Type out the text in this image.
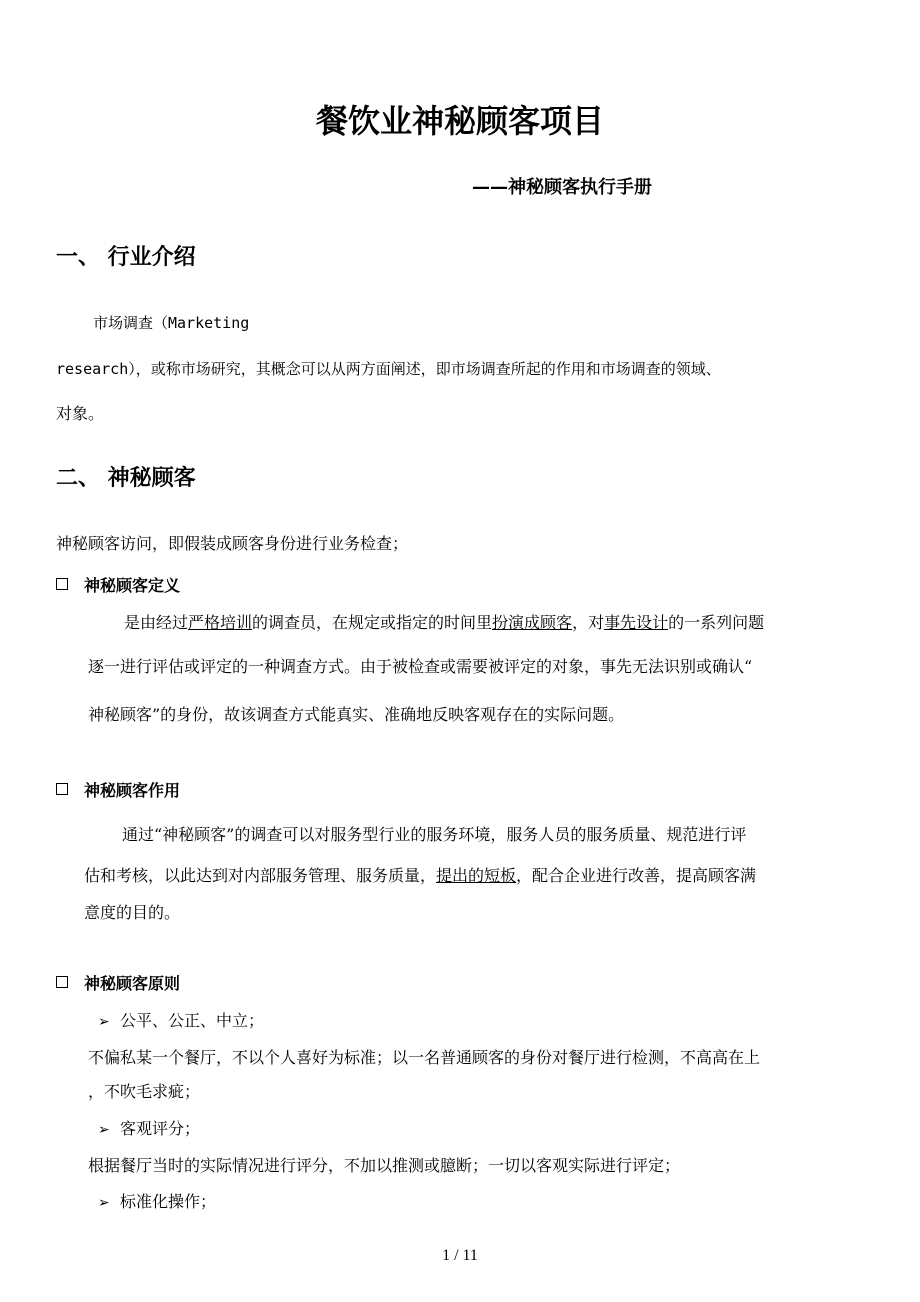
餐饮业神秘顾客项目
——神秘顾客执行手册
一、 行业介绍
市场调查（Marketing
research），或称市场研究，其概念可以从两方面阐述，即市场调查所起的作用和市场调查的领域、
对象。
二、 神秘顾客
神秘顾客访问，即假装成顾客身份进行业务检查；
神秘顾客定义
是由经过严格培训的调查员，在规定或指定的时间里扮演成顾客，对事先设计的一系列问题
逐一进行评估或评定的一种调查方式。由于被检查或需要被评定的对象，事先无法识别或确认“
神秘顾客”的身份，故该调查方式能真实、准确地反映客观存在的实际问题。
神秘顾客作用
通过“神秘顾客”的调查可以对服务型行业的服务环境，服务人员的服务质量、规范进行评
估和考核，以此达到对内部服务管理、服务质量，提出的短板，配合企业进行改善，提高顾客满
意度的目的。
神秘顾客原则
➢ 公平、公正、中立；
不偏私某一个餐厅，不以个人喜好为标准；以一名普通顾客的身份对餐厅进行检测，不高高在上
，不吹毛求疵；
➢ 客观评分；
根据餐厅当时的实际情况进行评分，不加以推测或臆断；一切以客观实际进行评定；
➢ 标准化操作；
1 / 11
